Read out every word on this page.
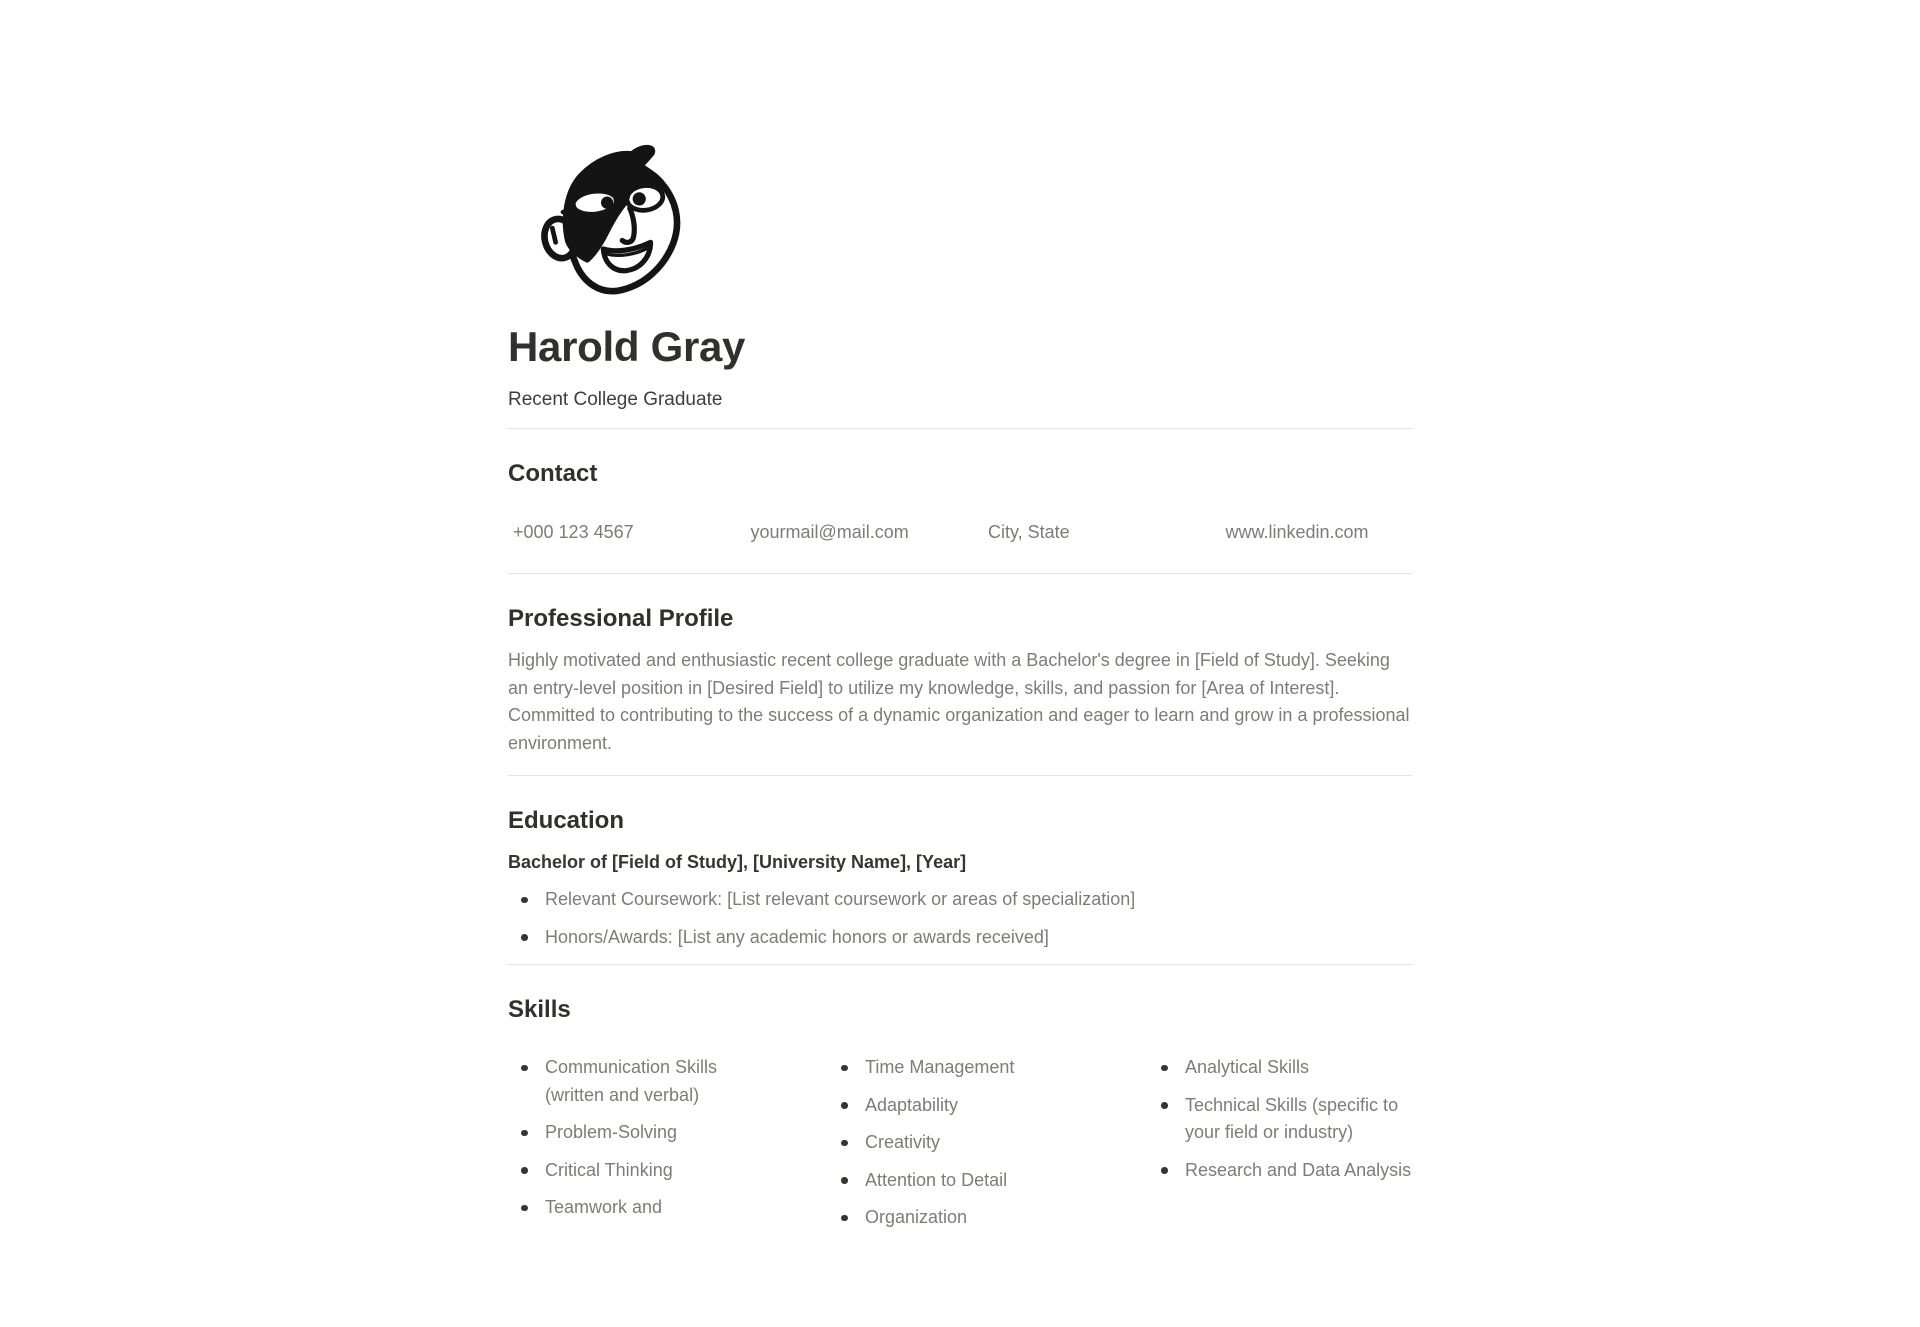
Harold Gray
Recent College Graduate
Contact
+000 123 4567	yourmail@mail.com	City, State	www.linkedin.com
Professional Profile

Highly motivated and enthusiastic recent college graduate with a Bachelor's degree in [Field of Study]. Seeking an entry-level position in [Desired Field] to utilize my knowledge, skills, and passion for [Area of Interest]. Committed to contributing to the success of a dynamic organization and eager to learn and grow in a professional environment.

Education
Bachelor of [Field of Study], [University Name], [Year]
Relevant Coursework: [List relevant coursework or areas of specialization]
Honors/Awards: [List any academic honors or awards received]
Skills
Communication Skills (written and verbal)
Problem-Solving
Critical Thinking
Teamwork and
Time Management
Adaptability
Creativity
Attention to Detail
Organization
Analytical Skills
Technical Skills (specific to your field or industry)
Research and Data Analysis
